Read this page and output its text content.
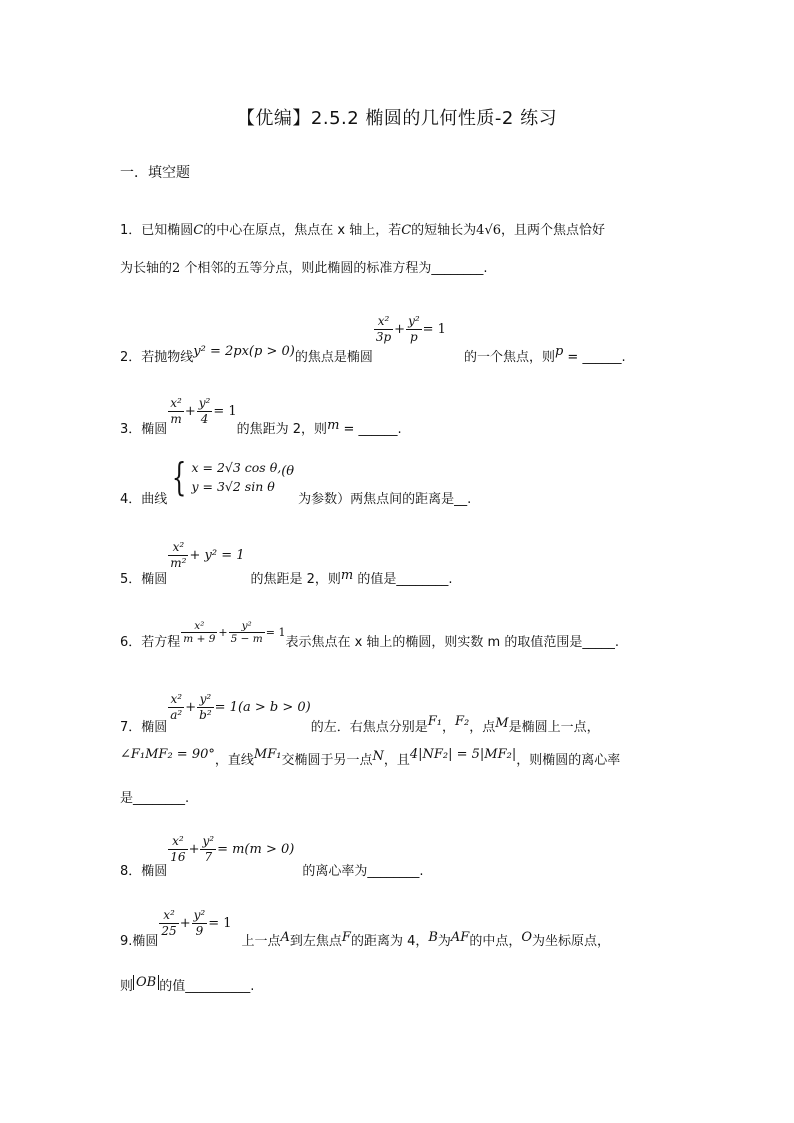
【优编】2.5.2 椭圆的几何性质-2 练习
一．填空题
1．已知椭圆C的中心在原点，焦点在 x 轴上，若C的短轴长为4√6，且两个焦点恰好
为长轴的2 个相邻的五等分点，则此椭圆的标准方程为________.
2．若抛物线y² = 2px(p > 0)的焦点是椭圆
$\frac{\text{x²}}{3p} + \frac{\text{y²}}{p} = 1$的一个焦点，则p = ______.
3．椭圆
$\frac{\text{x²}}{m} + \frac{\text{y²}}{4} = 1$的焦距为 2，则m = ______.
4．曲线 { x = 2√3 cos θ,
y = 3√2 sin θ
(θ为参数）两焦点间的距离是__.
5．椭圆
$\frac{\text{x²}}{\text{m²}} + y^2 = 1$的焦距是 2，则m 的值是________.
6．若方程 $\frac{\text{x²}}{m + 9} + \frac{\text{y²}}{5 - m} = 1$表示焦点在 x 轴上的椭圆，则实数 m 的取值范围是_____.
7．椭圆
$\frac{\text{x²}}{\text{a²}} + \frac{\text{y²}}{\text{b²}} = 1(a > b > 0)$的左．右焦点分别是F₁，F₂，点M是椭圆上一点，
∠F₁MF₂ = 90°，直线MF₁交椭圆于另一点N，且4|NF₂| = 5|MF₂|，则椭圆的离心率
是________.
8．椭圆
$\frac{\text{x²}}{16} + \frac{\text{y²}}{7} = m(m > 0)$的离心率为________.
9.椭圆
$\frac{\text{x²}}{25} + \frac{\text{y²}}{9} = 1$上一点A到左焦点F的距离为 4，B为AF的中点，O为坐标原点，
则 OB 的值__________.
